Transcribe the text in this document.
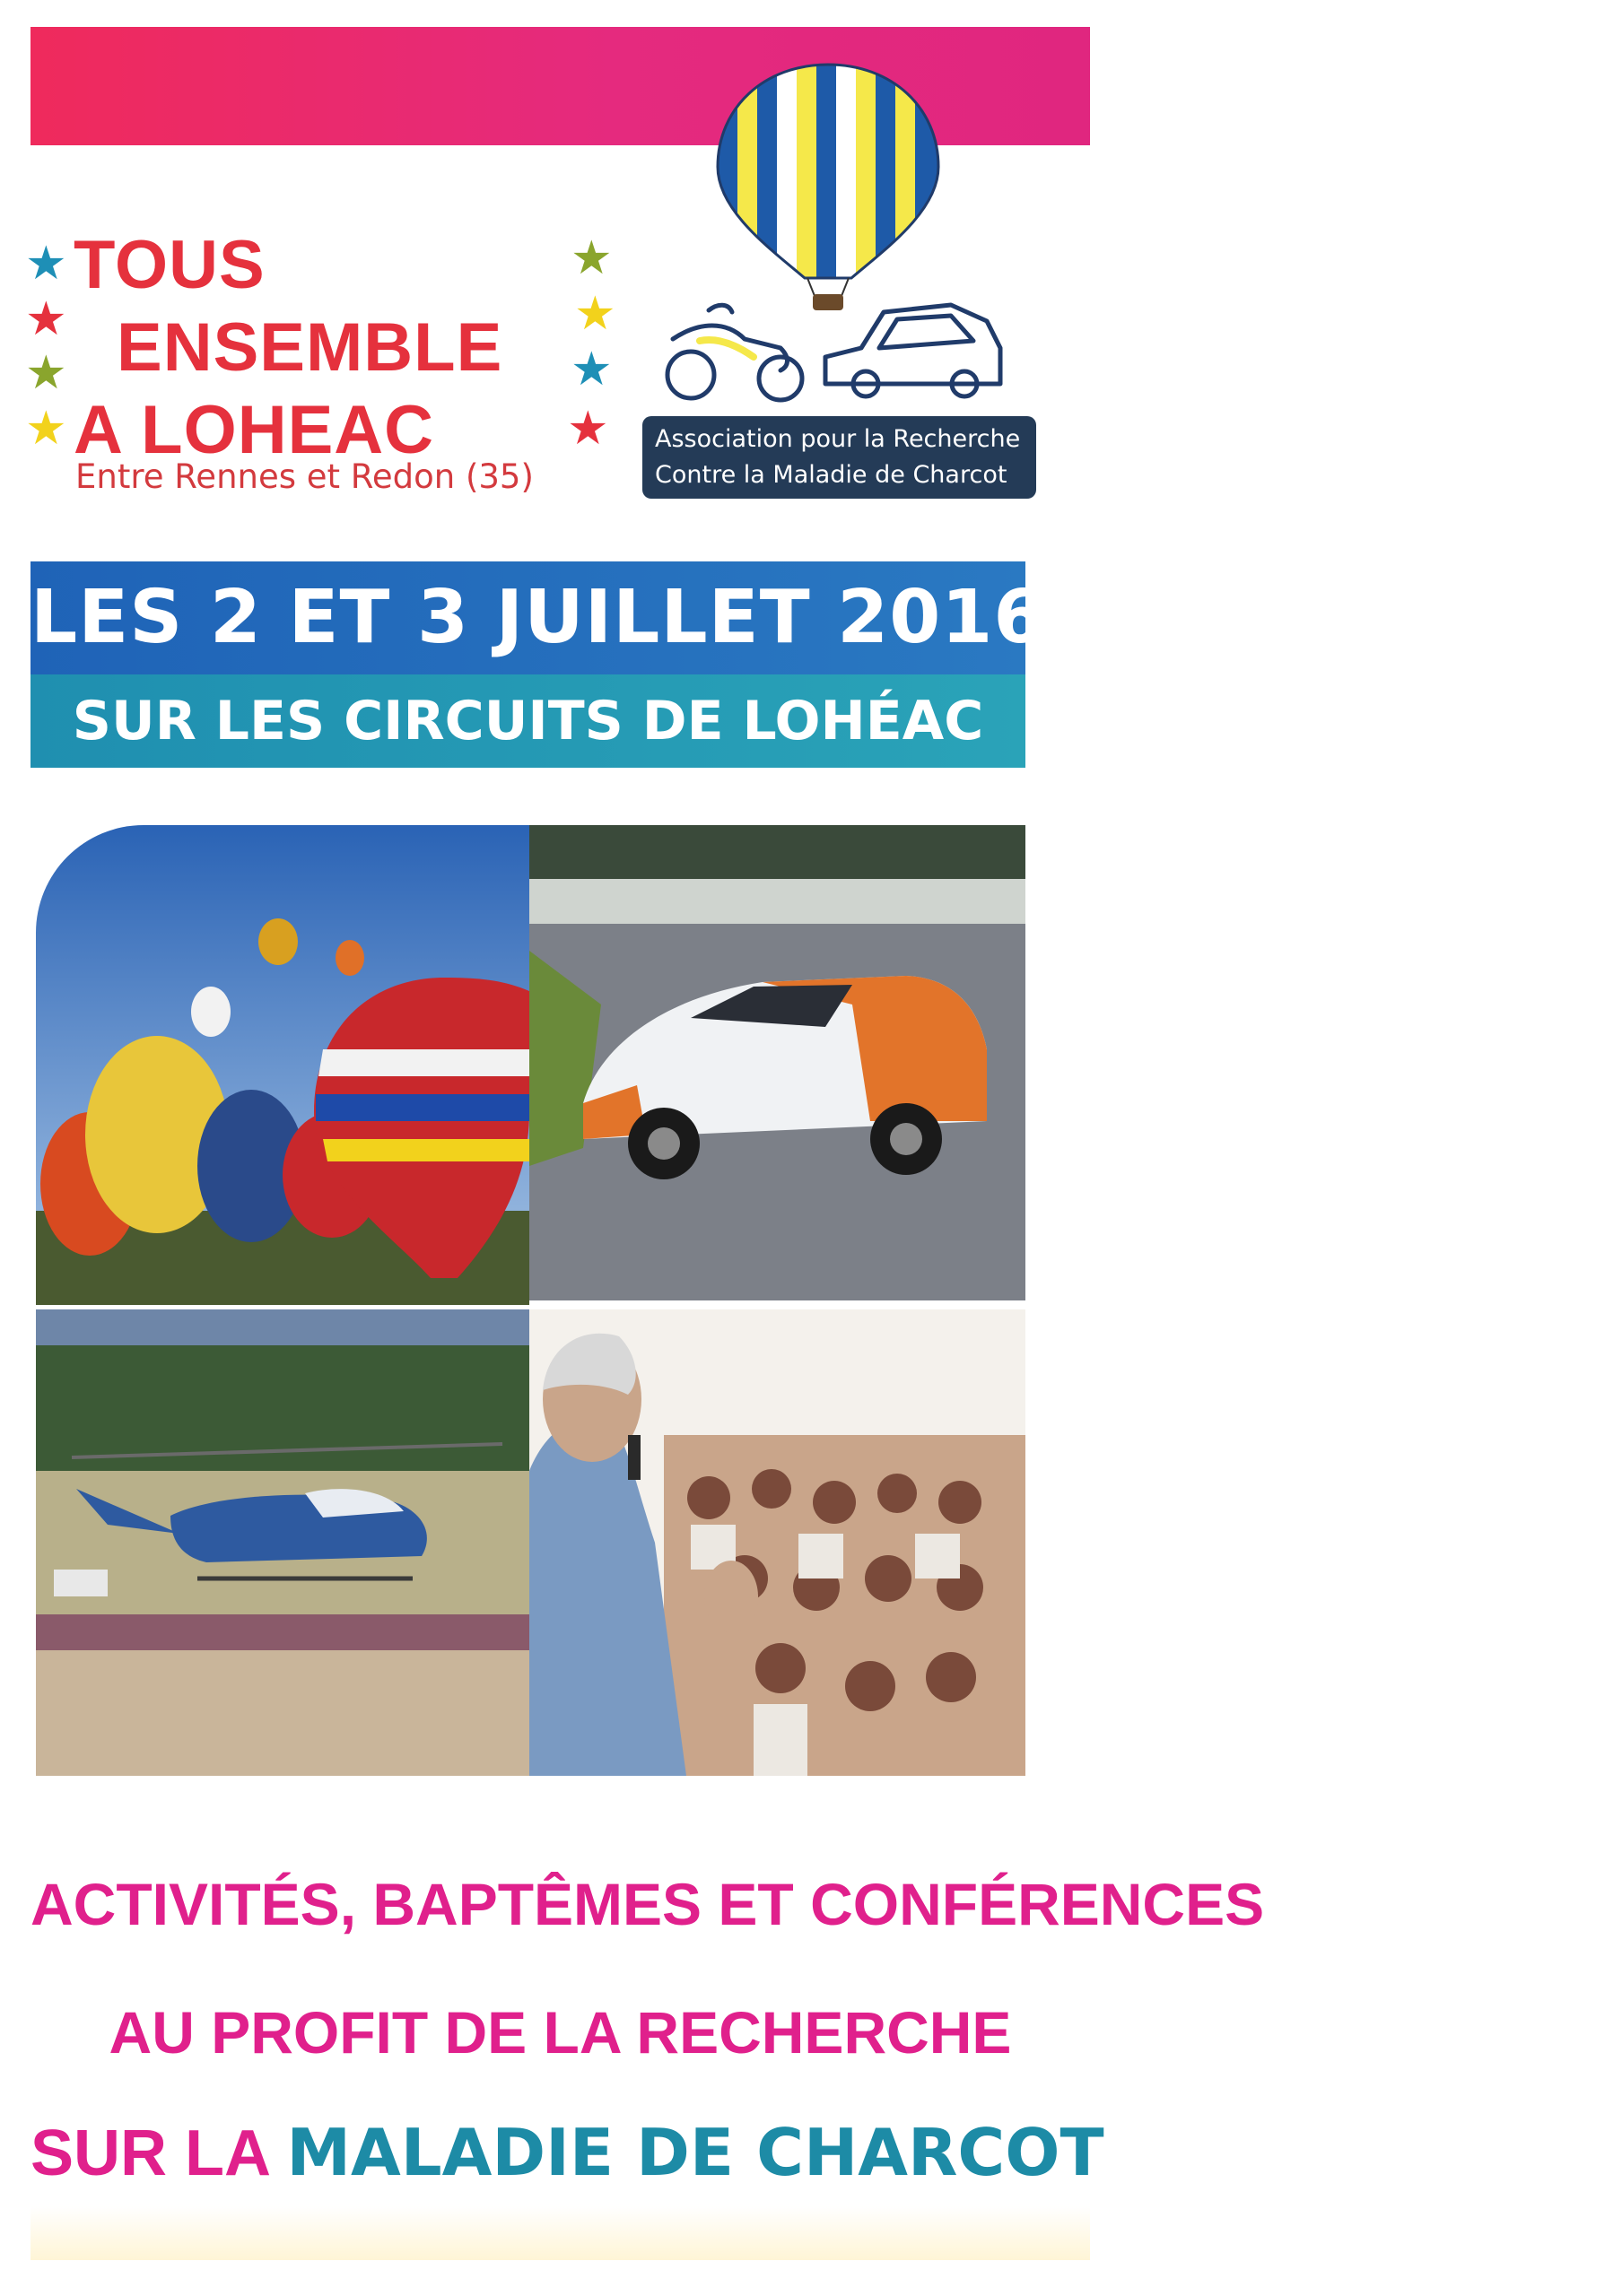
★
★
★
★
★
★
★
★
TOUS
ENSEMBLE
A LOHEAC
Entre Rennes et Redon (35)
Association pour la Recherche
Contre la Maladie de Charcot
LES 2 ET 3 JUILLET 2016
SUR LES CIRCUITS DE LOHÉAC
ACTIVITÉS, BAPTÊMES ET CONFÉRENCES
AU PROFIT DE LA RECHERCHE
SUR LA MALADIE DE CHARCOT
